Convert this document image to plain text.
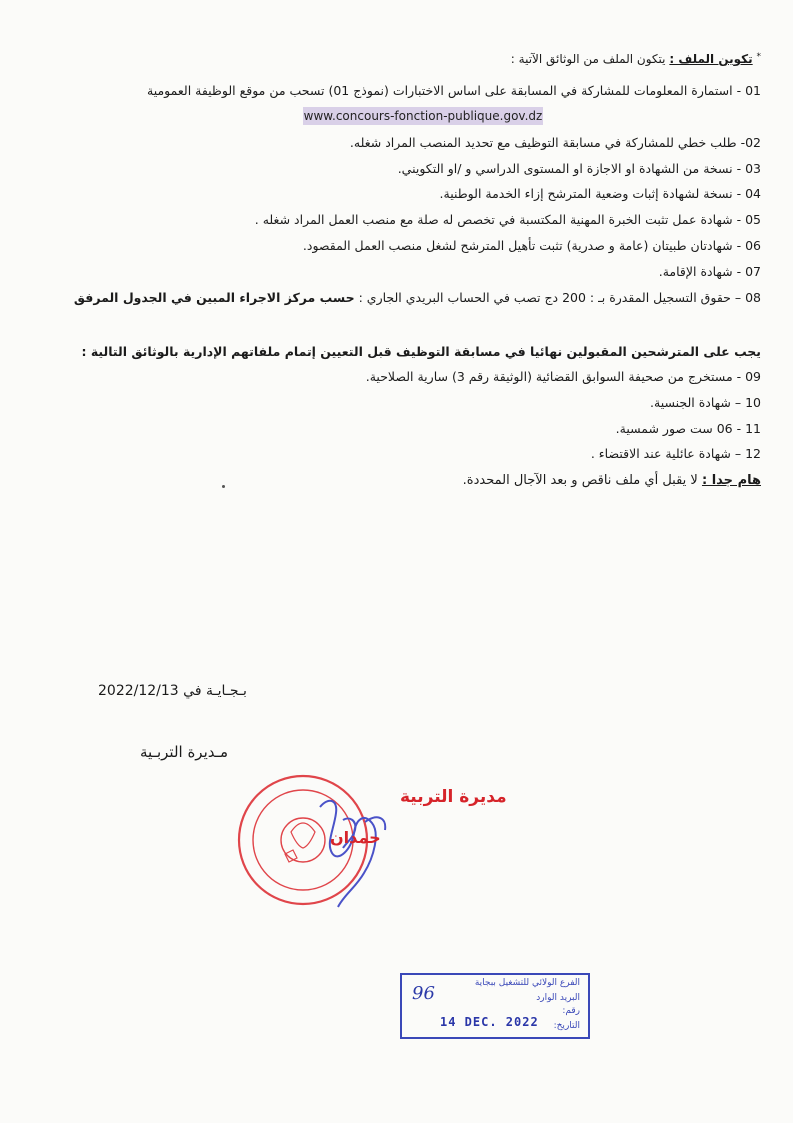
* تكوين الملف : يتكون الملف من الوثائق الآتية :
01 - استمارة المعلومات للمشاركة في المسابقة على اساس الاختبارات (نموذج 01) تسحب من موقع الوظيفة العمومية
www.concours-fonction-publique.gov.dz
02- طلب خطي للمشاركة في مسابقة التوظيف مع تحديد المنصب المراد شغله.
03 - نسخة من الشهادة او الاجازة او المستوى الدراسي و /او التكويني.
04 - نسخة لشهادة إثبات وضعية المترشح إزاء الخدمة الوطنية.
05 - شهادة عمل تثبت الخبرة المهنية المكتسبة في تخصص له صلة مع منصب العمل المراد شغله .
06 - شهادتان طبيتان (عامة و صدرية) تثبت تأهيل المترشح لشغل منصب العمل المقصود.
07 - شهادة الإقامة.
08 – حقوق التسجيل المقدرة بـ : 200 دج تصب في الحساب البريدي الجاري : حسب مركز الاجراء المبين في الجدول المرفق
يجب على المترشحين المقبولين نهائيا في مسابقة التوظيف قبل التعيين إتمام ملفاتهم الإدارية بالوثائق التالية :
09 - مستخرج من صحيفة السوابق القضائية (الوثيقة رقم 3) سارية الصلاحية.
10 – شهادة الجنسية.
11 - 06 ست صور شمسية.
12 – شهادة عائلية عند الاقتضاء .
هام جدا : لا يقبل أي ملف ناقص و بعد الآجال المحددة.
بـجـايـة في 2022/12/13
مـديرة التربـية
مديرة التربية
حمدان
الفرع الولائي للتشغيل ببجاية
البريد الوارد
رقم:
التاريخ:
96
14 DEC. 2022
